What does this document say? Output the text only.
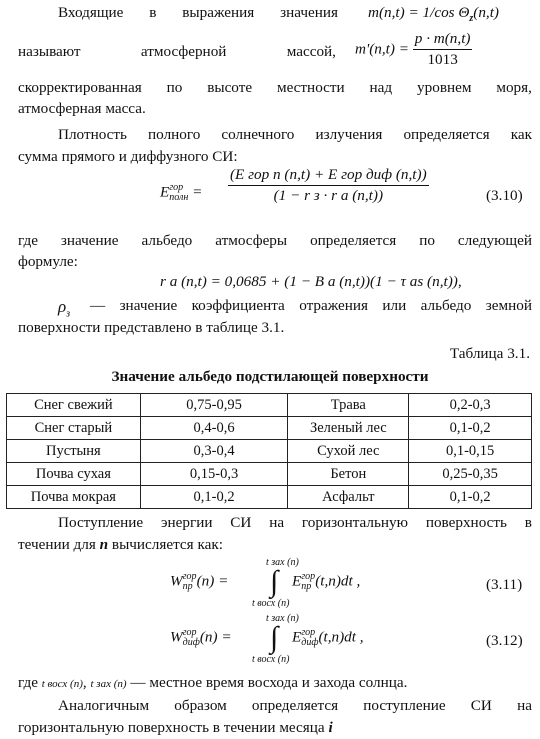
Входящие в выражения значения m(n,t) = 1/cos $\Theta_z(n,t)$
называют	атмосферной	массой, $m'(n,t) = \frac{p \cdot m(n,t)}{1013}$
скорректированная по высоте местности над уровнем моря,
атмосферная масса.
Плотность полного солнечного излучения определяется как
сумма прямого и диффузного СИ:
E гор
полн = $\frac{\text{(E гор п (n,t) + E гор диф (n,t))}}{\text{(1 − r з · r a (n,t))}}$	(3.10)
где значение альбедо атмосферы определяется по следующей
формуле:
r a (n,t) = 0,0685 + (1 − B a (n,t))(1 − τ as (n,t)),
$\rho_з$ — значение коэффициента отражения или альбедо земной
поверхности представлено в таблице 3.1.
Таблица 3.1.
Значение альбедо подстилающей поверхности
Снег свежий	0,75-0,95	Трава	0,2-0,3
Снег старый	0,4-0,6	Зеленый лес	0,1-0,2
Пустыня	0,3-0,4	Сухой лес	0,1-0,15
Почва сухая	0,15-0,3	Бетон	0,25-0,35
Почва мокрая	0,1-0,2	Асфальт	0,1-0,2
Поступление энергии СИ на горизонтальную поверхность в
течении для n вычисляется как:
W гор
пр (n) =
t зах (n)
∫
t восх (n)
E гор
пр (t,n)dt ,	(3.11)
W гор
диф (n) =
t зах (n)
∫
t восх (n)
E гор
диф (t,n)dt ,	(3.12)
где t восх (n), t зах (n) — местное время восхода и захода солнца.
Аналогичным образом определяется поступление СИ на
горизонтальную поверхность в течении месяца i
